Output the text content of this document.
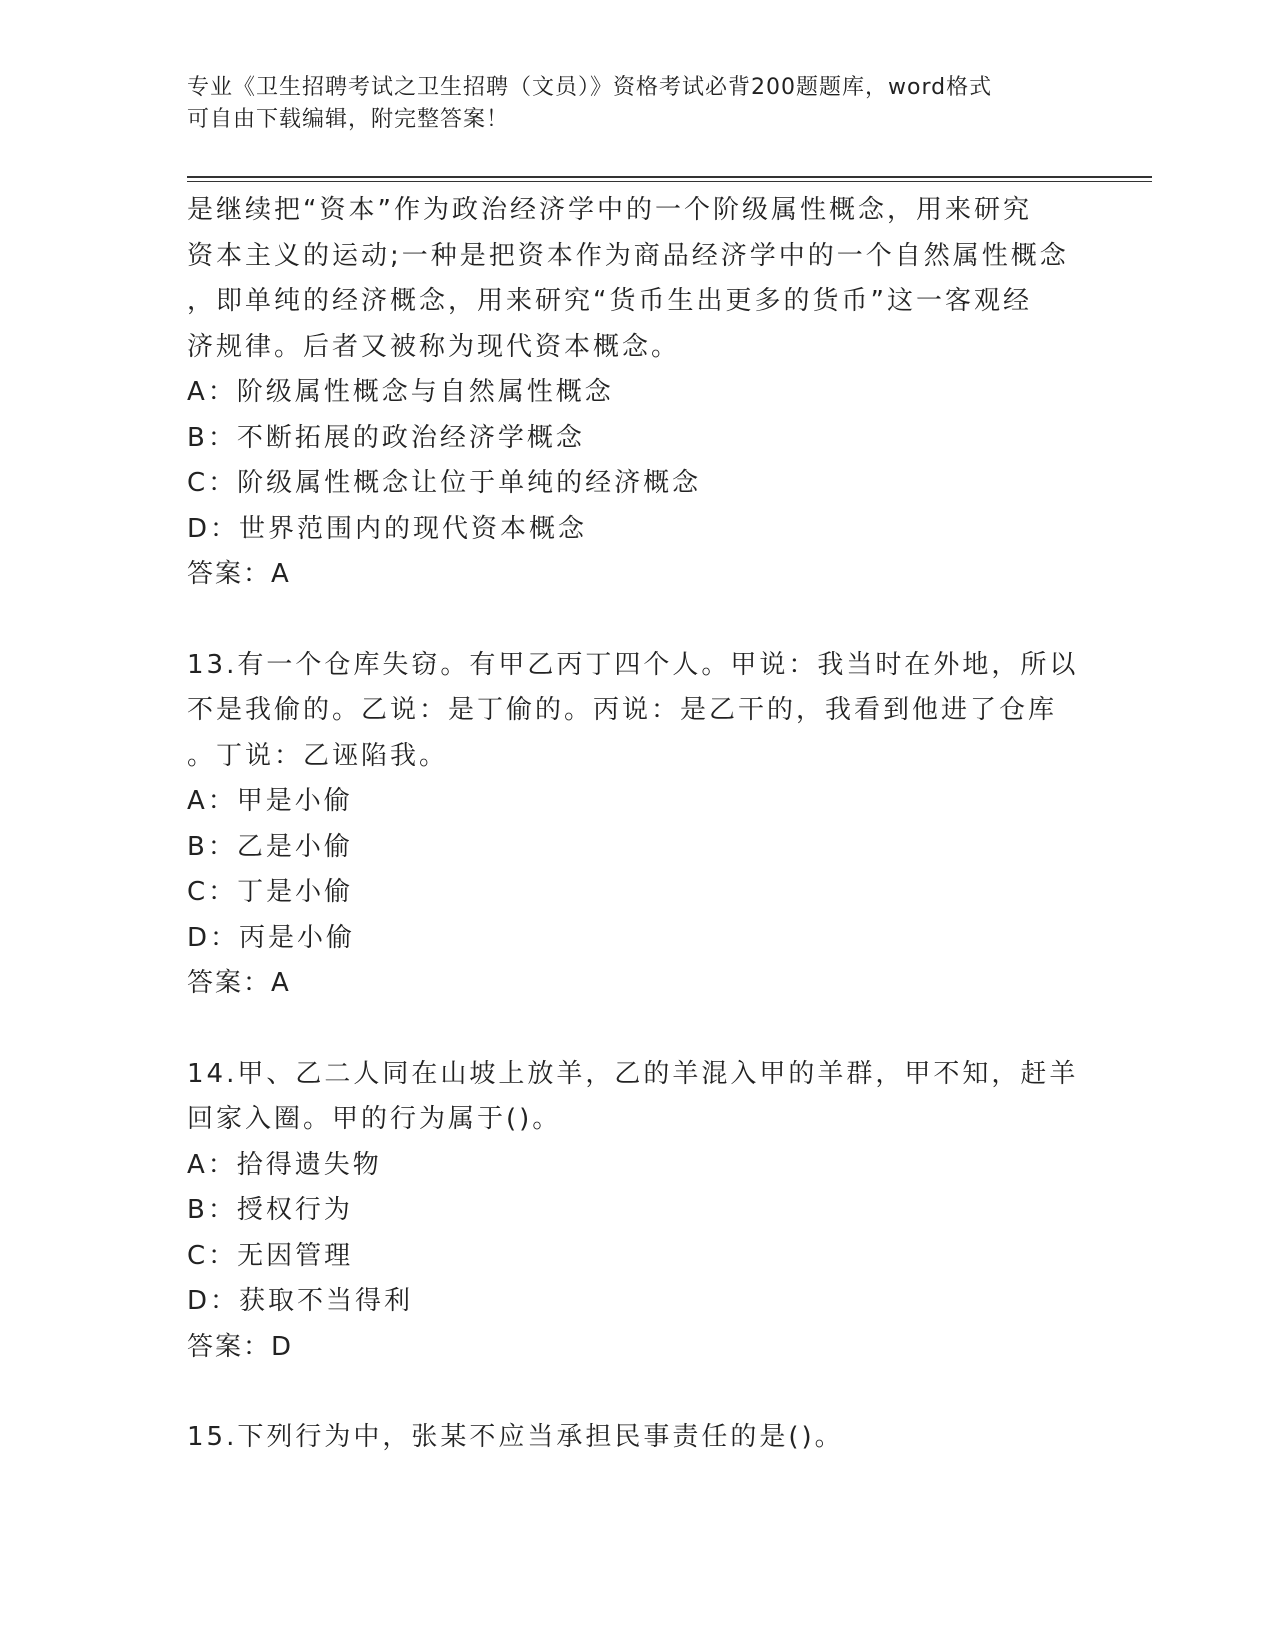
专业《卫生招聘考试之卫生招聘（文员）》资格考试必背200题题库，word格式
可自由下载编辑，附完整答案！
是继续把“资本”作为政治经济学中的一个阶级属性概念，用来研究
资本主义的运动;一种是把资本作为商品经济学中的一个自然属性概念
，即单纯的经济概念，用来研究“货币生出更多的货币”这一客观经
济规律。后者又被称为现代资本概念。
A：阶级属性概念与自然属性概念
B：不断拓展的政治经济学概念
C：阶级属性概念让位于单纯的经济概念
D：世界范围内的现代资本概念
答案：A
13.有一个仓库失窃。有甲乙丙丁四个人。甲说：我当时在外地，所以
不是我偷的。乙说：是丁偷的。丙说：是乙干的，我看到他进了仓库
。丁说：乙诬陷我。
A：甲是小偷
B：乙是小偷
C：丁是小偷
D：丙是小偷
答案：A
14.甲、乙二人同在山坡上放羊，乙的羊混入甲的羊群，甲不知，赶羊
回家入圈。甲的行为属于()。
A：拾得遗失物
B：授权行为
C：无因管理
D：获取不当得利
答案：D
15.下列行为中，张某不应当承担民事责任的是()。
